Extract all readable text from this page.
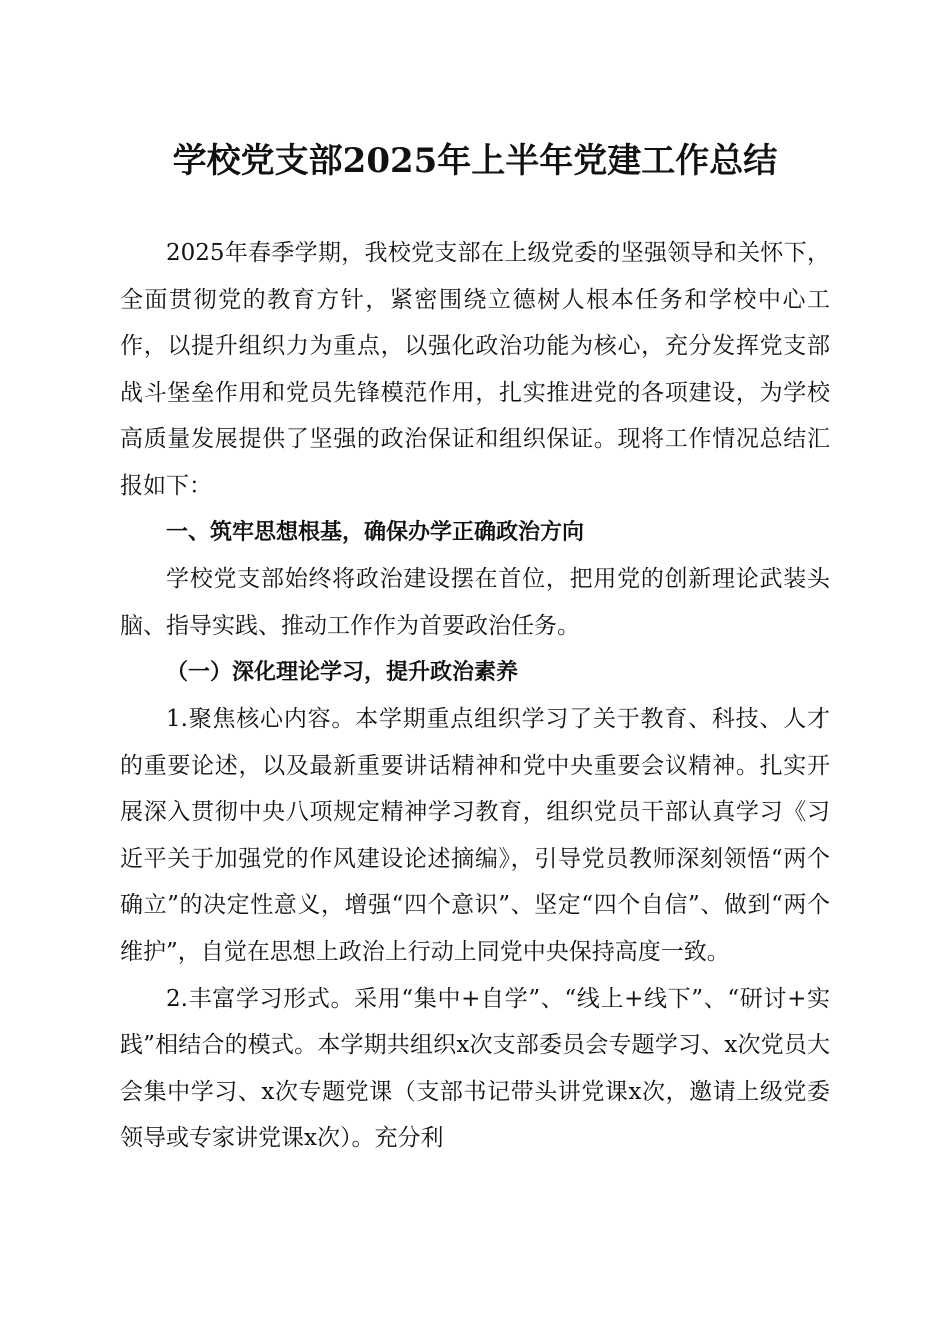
学校党支部2025年上半年党建工作总结

2025年春季学期，我校党支部在上级党委的坚强领导和关怀下，全面贯彻党的教育方针，紧密围绕立德树人根本任务和学校中心工作，以提升组织力为重点，以强化政治功能为核心，充分发挥党支部战斗堡垒作用和党员先锋模范作用，扎实推进党的各项建设，为学校高质量发展提供了坚强的政治保证和组织保证。现将工作情况总结汇报如下：

一、筑牢思想根基，确保办学正确政治方向

学校党支部始终将政治建设摆在首位，把用党的创新理论武装头脑、指导实践、推动工作作为首要政治任务。

（一）深化理论学习，提升政治素养

1.聚焦核心内容。本学期重点组织学习了关于教育、科技、人才的重要论述，以及最新重要讲话精神和党中央重要会议精神。扎实开展深入贯彻中央八项规定精神学习教育，组织党员干部认真学习《习近平关于加强党的作风建设论述摘编》，引导党员教师深刻领悟“两个确立”的决定性意义，增强“四个意识”、坚定“四个自信”、做到“两个维护”，自觉在思想上政治上行动上同党中央保持高度一致。

2.丰富学习形式。采用“集中+自学”、“线上+线下”、“研讨+实践”相结合的模式。本学期共组织x次支部委员会专题学习、x次党员大会集中学习、x次专题党课（支部书记带头讲党课x次，邀请上级党委领导或专家讲党课x次）。充分利
